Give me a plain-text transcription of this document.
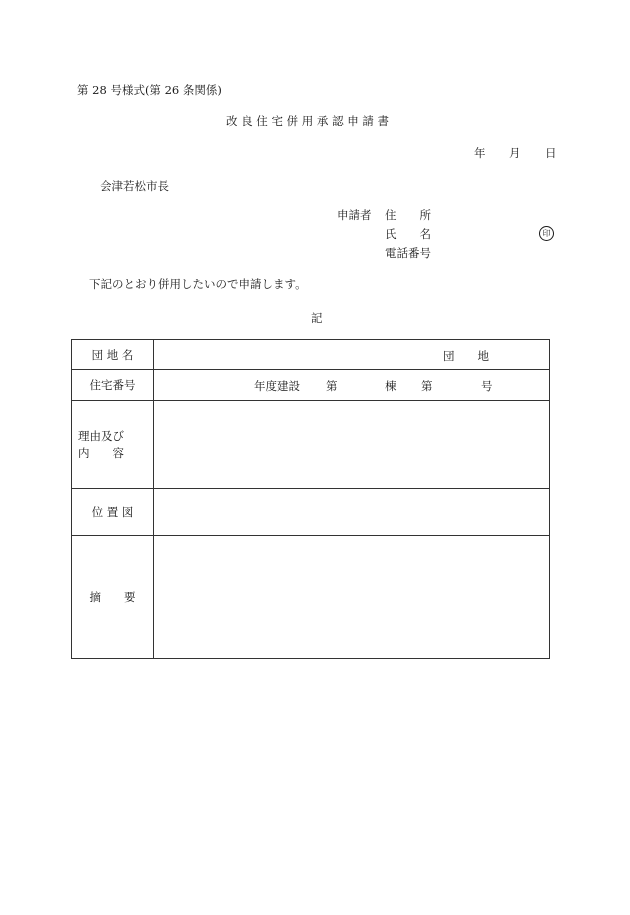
第 28 号様式(第 26 条関係)
改 良 住 宅 併 用 承 認 申 請 書
年 月 日
会津若松市長
申請者 住　　所
氏　　名	印
電話番号
下記のとおり併用したいので申請します。
記
団 地 名	団　　地

住宅番号	年度建設 第 棟 第 号

理由及び
内　　容	

位 置 図	
摘　　要	
